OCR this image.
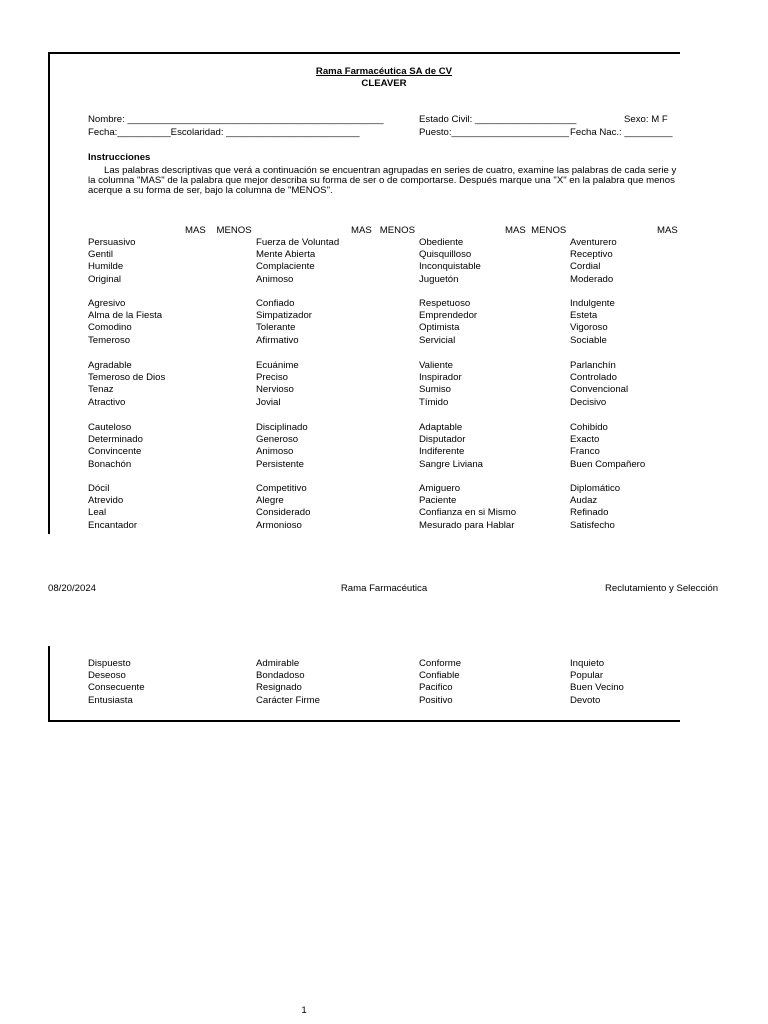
Rama Farmacéutica SA de CV
CLEAVER
Nombre: ________________________________________________	Estado Civil: ___________________	Sexo: M F
Fecha:__________Escolaridad: _________________________	Puesto:______________________ Fecha Nac.: _________
Instrucciones
Las palabras descriptivas que verá a continuación se encuentran agrupadas en series de cuatro, examine las palabras de cada serie y
la columna "MAS" de la palabra que mejor describa su forma de ser o de comportarse. Después marque una "X" en la palabra que menos
acerque a su forma de ser, bajo la columna de "MENOS".
MAS    MENOS	MAS   MENOS	MAS  MENOS	MAS
Persuasivo	Fuerza de Voluntad	Obediente	Aventurero
Gentil	Mente Abierta	Quisquilloso	Receptivo
Humilde	Complaciente	Inconquistable	Cordial
Original	Animoso	Juguetón	Moderado
Agresivo	Confiado	Respetuoso	Indulgente
Alma de la Fiesta	Simpatizador	Emprendedor	Esteta
Comodino	Tolerante	Optimista	Vigoroso
Temeroso	Afirmativo	Servicial	Sociable
Agradable	Ecuánime	Valiente	Parlanchín
Temeroso de Dios	Preciso	Inspirador	Controlado
Tenaz	Nervioso	Sumiso	Convencional
Atractivo	Jovial	Tímido	Decisivo
Cauteloso	Disciplinado	Adaptable	Cohibido
Determinado	Generoso	Disputador	Exacto
Convincente	Animoso	Indiferente	Franco
Bonachón	Persistente	Sangre Liviana	Buen Compañero
Dócil	Competitivo	Amiguero	Diplomático
Atrevido	Alegre	Paciente	Audaz
Leal	Considerado	Confianza en si Mismo	Refinado
Encantador	Armonioso	Mesurado para Hablar	Satisfecho
Dispuesto	Admirable	Conforme	Inquieto
Deseoso	Bondadoso	Confiable	Popular
Consecuente	Resignado	Pacifico	Buen Vecino
Entusiasta	Carácter Firme	Positivo	Devoto
08/20/2024	Rama Farmacéutica	Reclutamiento y Selección
1
